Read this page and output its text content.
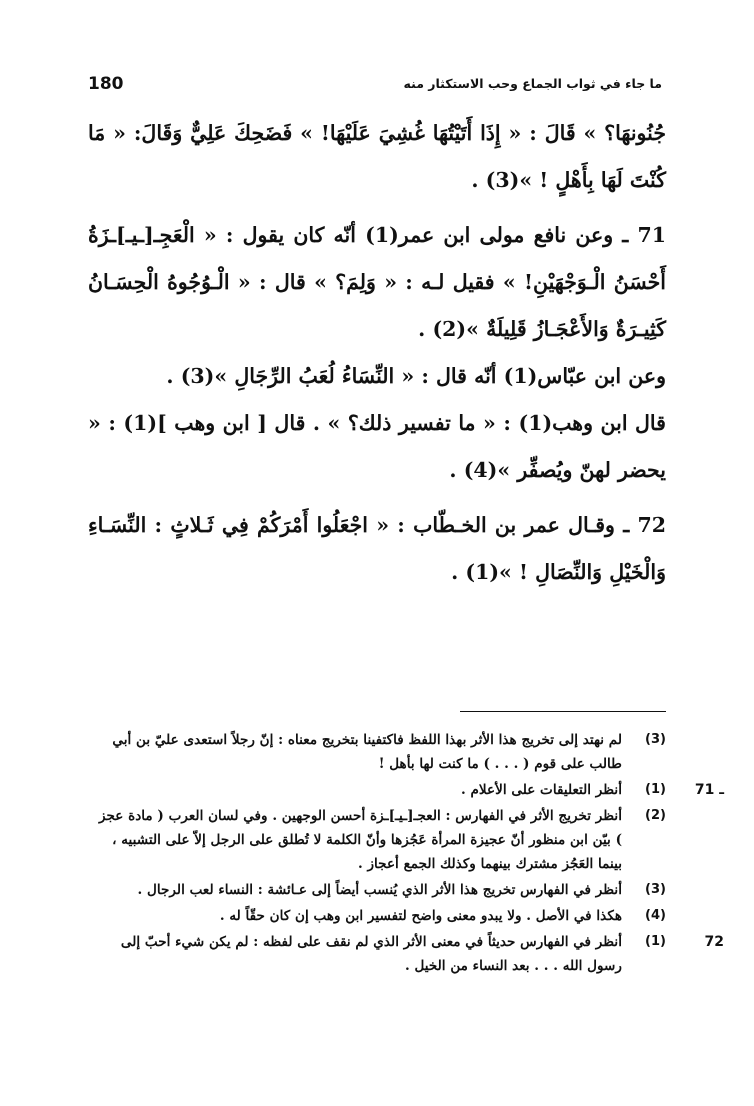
180	ما جاء في ثواب الجماع وحب الاستكثار منه

جُنُونهَا؟ » قَالَ : « إِذَا أَتَيْتُهَا غُشِيَ عَلَيْهَا! » فَضَحِكَ عَلِيٌّ وَقَالَ: « مَا كُنْتَ لَهَا بِأَهْلٍ ! »(3) .

71 ـ وعن نافع مولى ابن عمر(1) أنّه كان يقول : « الْعَجِـ[ـيـ]ـزَةُ أَحْسَنُ الْـوَجْهَيْنِ! » فقيل لـه : « وَلِمَ؟ » قال : « الْـوُجُوهُ الْحِسَـانُ كَثِيـرَةٌ وَالأَعْجَـازُ قَلِيلَةٌ »(2) .

وعن ابن عبّاس(1) أنّه قال : « النِّسَاءُ لُعَبُ الرِّجَالِ »(3) .

قال ابن وهب(1) : « ما تفسير ذلك؟ » . قال [ ابن وهب ](1) : « يحضر لهنّ ويُصفِّر »(4) .

72 ـ وقـال عمر بن الخـطّاب : « اجْعَلُوا أَمْرَكُمْ فِي ثَـلاثٍ : النِّسَـاءِ وَالْخَيْلِ وَالنِّصَالِ ! »(1) .

(3)
لم نهتد إلى تخريج هذا الأثر بهذا اللفظ فاكتفينا بتخريج معناه : إنّ رجلاً استعدى عليّ بن أبي طالب على قوم ( . . . ) ما كنت لها بأهل !
71 ـ
(1)
أنظر التعليقات على الأعلام .
(2)
أنظر تخريج الأثر في الفهارس : العجـ[ـيـ]ـزة أحسن الوجهين . وفي لسان العرب ( مادة عجز ) بيّن ابن منظور أنّ عجيزة المرأة عَجُزها وأنّ الكلمة لا تُطلق على الرجل إلاّ على التشبيه ، بينما العَجُز مشترك بينهما وكذلك الجمع أعجاز .
(3)
أنظر في الفهارس تخريج هذا الأثر الذي يُنسب أيضاً إلى عـائشة : النساء لعب الرجال .
(4)
هكذا في الأصل . ولا يبدو معنى واضح لتفسير ابن وهب إن كان حقّاً له .
72
(1)
أنظر في الفهارس حديثاً في معنى الأثر الذي لم نقف على لفظه : لم يكن شيء أحبّ إلى رسول الله . . . بعد النساء من الخيل .
